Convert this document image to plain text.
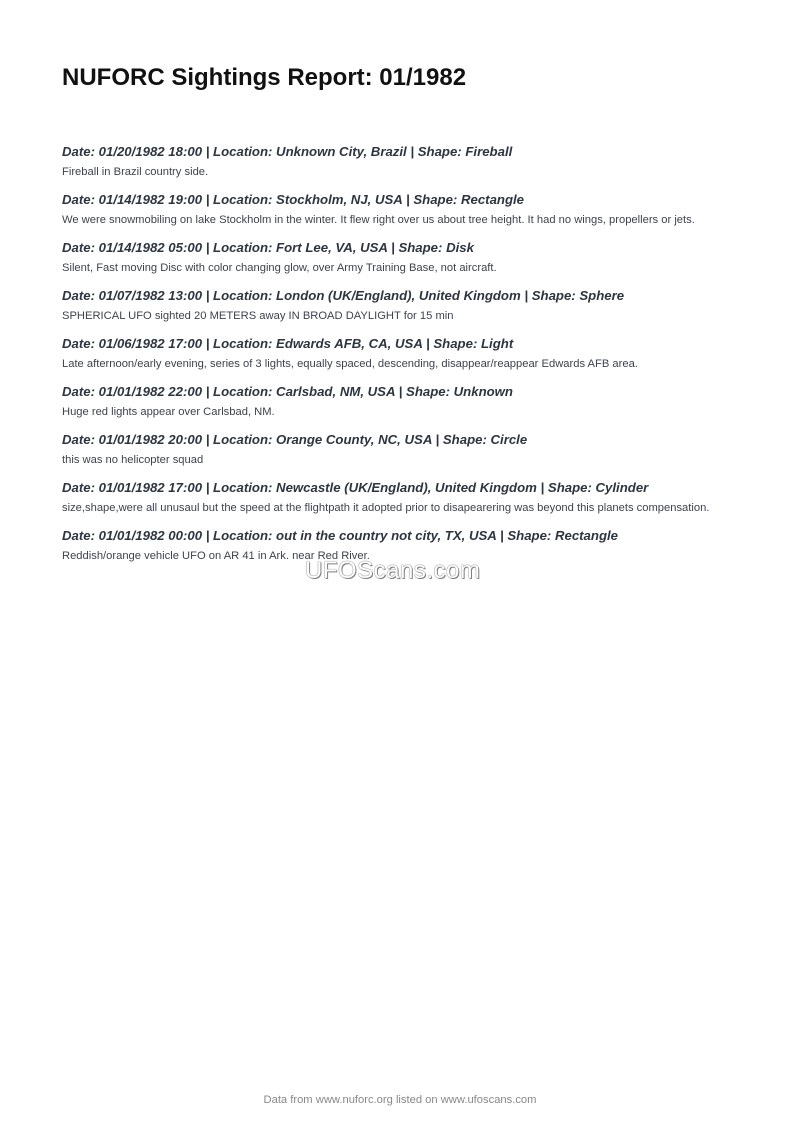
NUFORC Sightings Report: 01/1982
Date: 01/20/1982 18:00 | Location: Unknown City, Brazil | Shape: Fireball
Fireball in Brazil country side.
Date: 01/14/1982 19:00 | Location: Stockholm, NJ, USA | Shape: Rectangle
We were snowmobiling on lake Stockholm in the winter. It flew right over us about tree height. It had no wings, propellers or jets.
Date: 01/14/1982 05:00 | Location: Fort Lee, VA, USA | Shape: Disk
Silent, Fast moving Disc with color changing glow, over Army Training Base, not aircraft.
Date: 01/07/1982 13:00 | Location: London (UK/England), United Kingdom | Shape: Sphere
SPHERICAL UFO sighted 20 METERS away IN BROAD DAYLIGHT for 15 min
Date: 01/06/1982 17:00 | Location: Edwards AFB, CA, USA | Shape: Light
Late afternoon/early evening, series of 3 lights, equally spaced, descending, disappear/reappear Edwards AFB area.
Date: 01/01/1982 22:00 | Location: Carlsbad, NM, USA | Shape: Unknown
Huge red lights appear over Carlsbad, NM.
Date: 01/01/1982 20:00 | Location: Orange County, NC, USA | Shape: Circle
this was no helicopter squad
Date: 01/01/1982 17:00 | Location: Newcastle (UK/England), United Kingdom | Shape: Cylinder
size,shape,were all unusaul but the speed at the flightpath it adopted prior to disapearering was beyond this planets compensation.
Date: 01/01/1982 00:00 | Location: out in the country not city, TX, USA | Shape: Rectangle
Reddish/orange vehicle UFO on AR 41 in Ark. near Red River.
UFOScans.com
Data from www.nuforc.org listed on www.ufoscans.com
